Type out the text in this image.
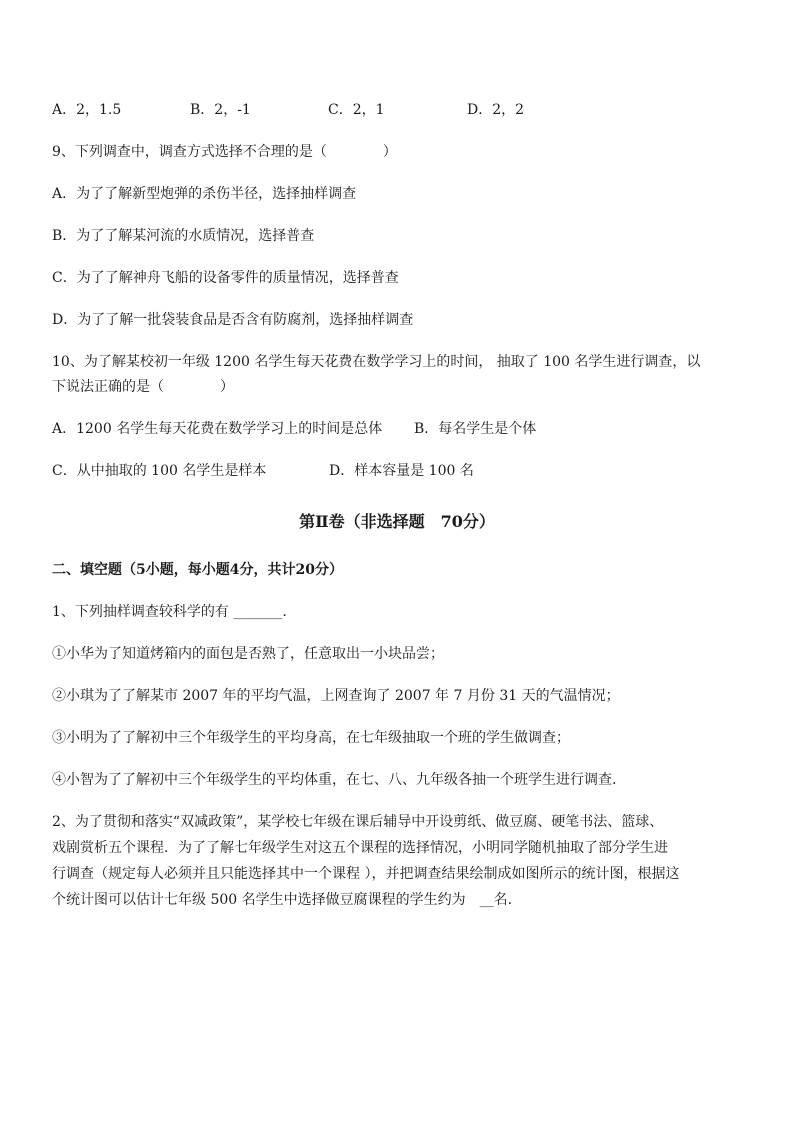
A．2，1.5	B．2，-1	C．2，1	D．2，2
9、下列调查中，调查方式选择不合理的是（　　　　）
A．为了了解新型炮弹的杀伤半径，选择抽样调查
B．为了了解某河流的水质情况，选择普查
C．为了了解神舟飞船的设备零件的质量情况，选择普查
D．为了了解一批袋装食品是否含有防腐剂，选择抽样调查
10、为了解某校初一年级 1200 名学生每天花费在数学学习上的时间， 抽取了 100 名学生进行调查，以
下说法正确的是（　　　　）
A．1200 名学生每天花费在数学学习上的时间是总体 B．每名学生是个体
C．从中抽取的 100 名学生是样本	D．样本容量是 100 名
第Ⅱ卷（非选择题　70分）
二、填空题（5小题，每小题4分，共计20分）
1、下列抽样调查较科学的有 _______.
①小华为了知道烤箱内的面包是否熟了，任意取出一小块品尝；
②小琪为了了解某市 2007 年的平均气温，上网查询了 2007 年 7 月份 31 天的气温情况；
③小明为了了解初中三个年级学生的平均身高，在七年级抽取一个班的学生做调查；
④小智为了了解初中三个年级学生的平均体重，在七、八、九年级各抽一个班学生进行调查.
2、为了贯彻和落实“双减政策”，某学校七年级在课后辅导中开设剪纸、做豆腐、硬笔书法、篮球、
戏剧赏析五个课程．为了了解七年级学生对这五个课程的选择情况，小明同学随机抽取了部分学生进
行调查（规定每人必须并且只能选择其中一个课程 ），并把调查结果绘制成如图所示的统计图，根据这
个统计图可以估计七年级 500 名学生中选择做豆腐课程的学生约为　__名.
